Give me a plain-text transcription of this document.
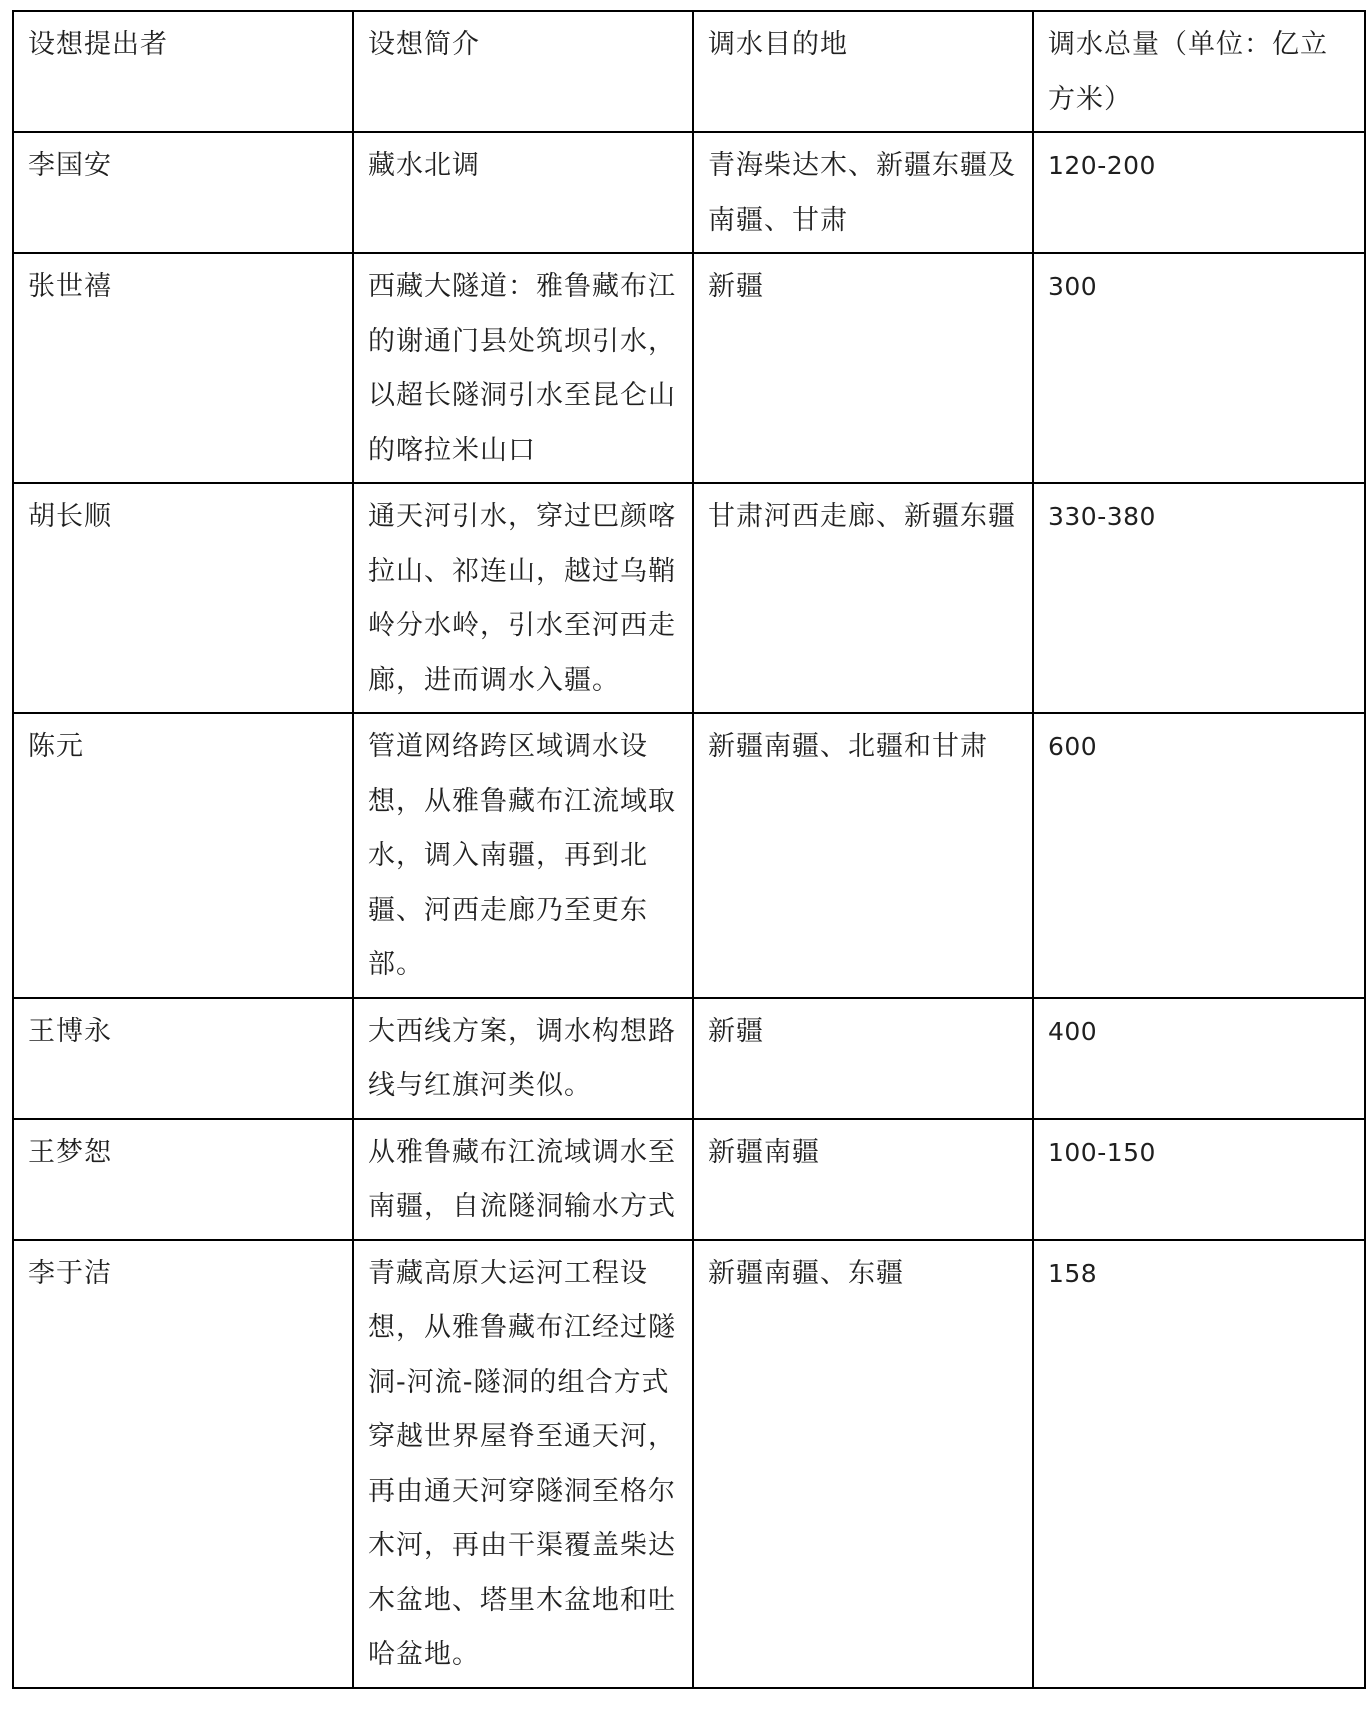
设想提出者	设想简介	调水目的地	调水总量（单位：亿立方米）
李国安	藏水北调	青海柴达木、新疆东疆及南疆、甘肃	120-200
张世禧	西藏大隧道：雅鲁藏布江的谢通门县处筑坝引水，以超长隧洞引水至昆仑山的喀拉米山口	新疆	300
胡长顺	通天河引水，穿过巴颜喀拉山、祁连山，越过乌鞘岭分水岭，引水至河西走廊，进而调水入疆。	甘肃河西走廊、新疆东疆	330-380
陈元	管道网络跨区域调水设想，从雅鲁藏布江流域取水，调入南疆，再到北疆、河西走廊乃至更东部。	新疆南疆、北疆和甘肃	600
王博永	大西线方案，调水构想路线与红旗河类似。	新疆	400
王梦恕	从雅鲁藏布江流域调水至南疆，自流隧洞输水方式	新疆南疆	100-150
李于洁	青藏高原大运河工程设想，从雅鲁藏布江经过隧洞-河流-隧洞的组合方式穿越世界屋脊至通天河，再由通天河穿隧洞至格尔木河，再由干渠覆盖柴达木盆地、塔里木盆地和吐哈盆地。	新疆南疆、东疆	158
